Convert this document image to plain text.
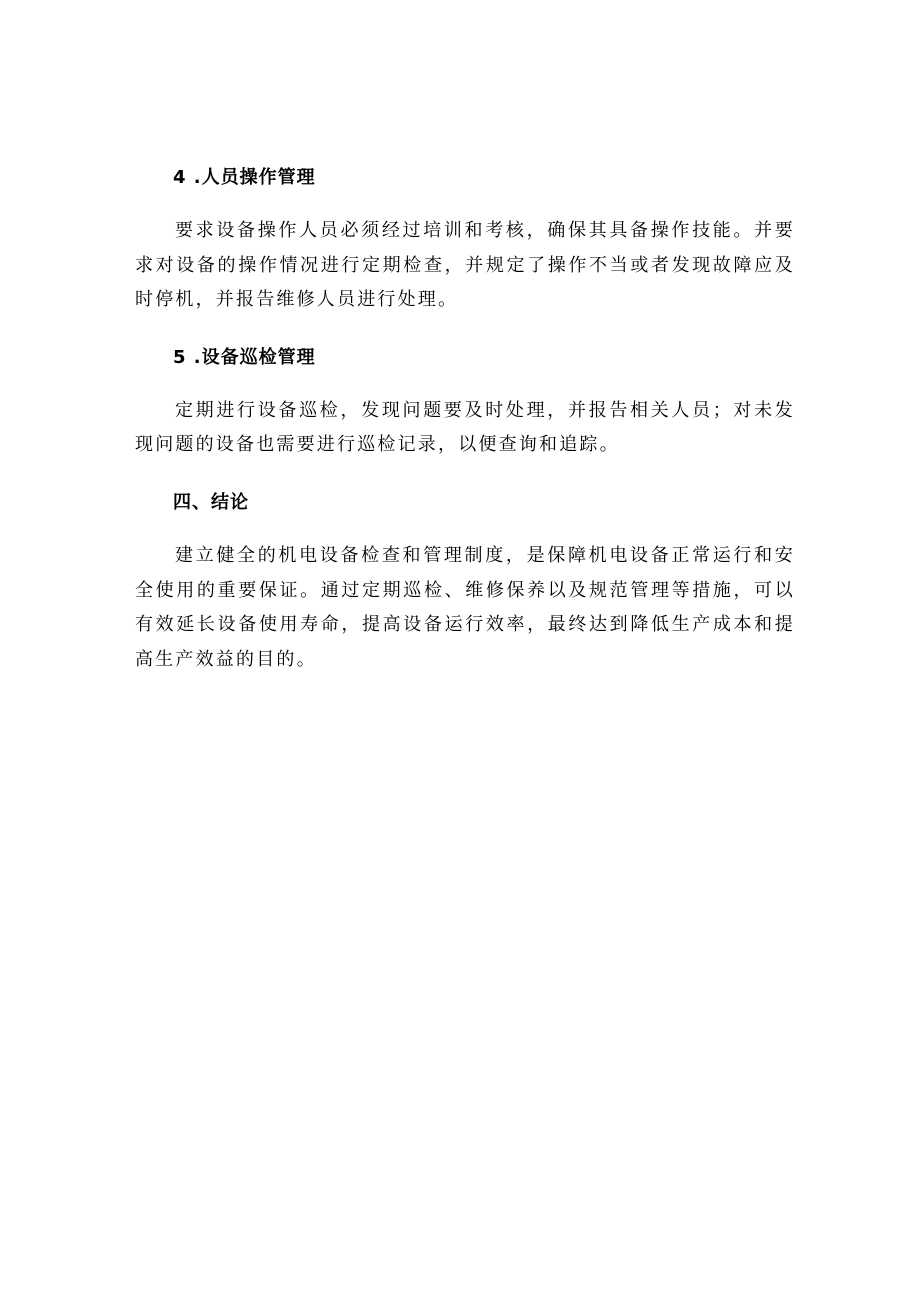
4 .人员操作管理

要求设备操作人员必须经过培训和考核，确保其具备操作技能。并要求对设备的操作情况进行定期检查，并规定了操作不当或者发现故障应及时停机，并报告维修人员进行处理。

5 .设备巡检管理

定期进行设备巡检，发现问题要及时处理，并报告相关人员；对未发现问题的设备也需要进行巡检记录，以便查询和追踪。

四、结论

建立健全的机电设备检查和管理制度，是保障机电设备正常运行和安全使用的重要保证。通过定期巡检、维修保养以及规范管理等措施，可以有效延长设备使用寿命，提高设备运行效率，最终达到降低生产成本和提高生产效益的目的。
